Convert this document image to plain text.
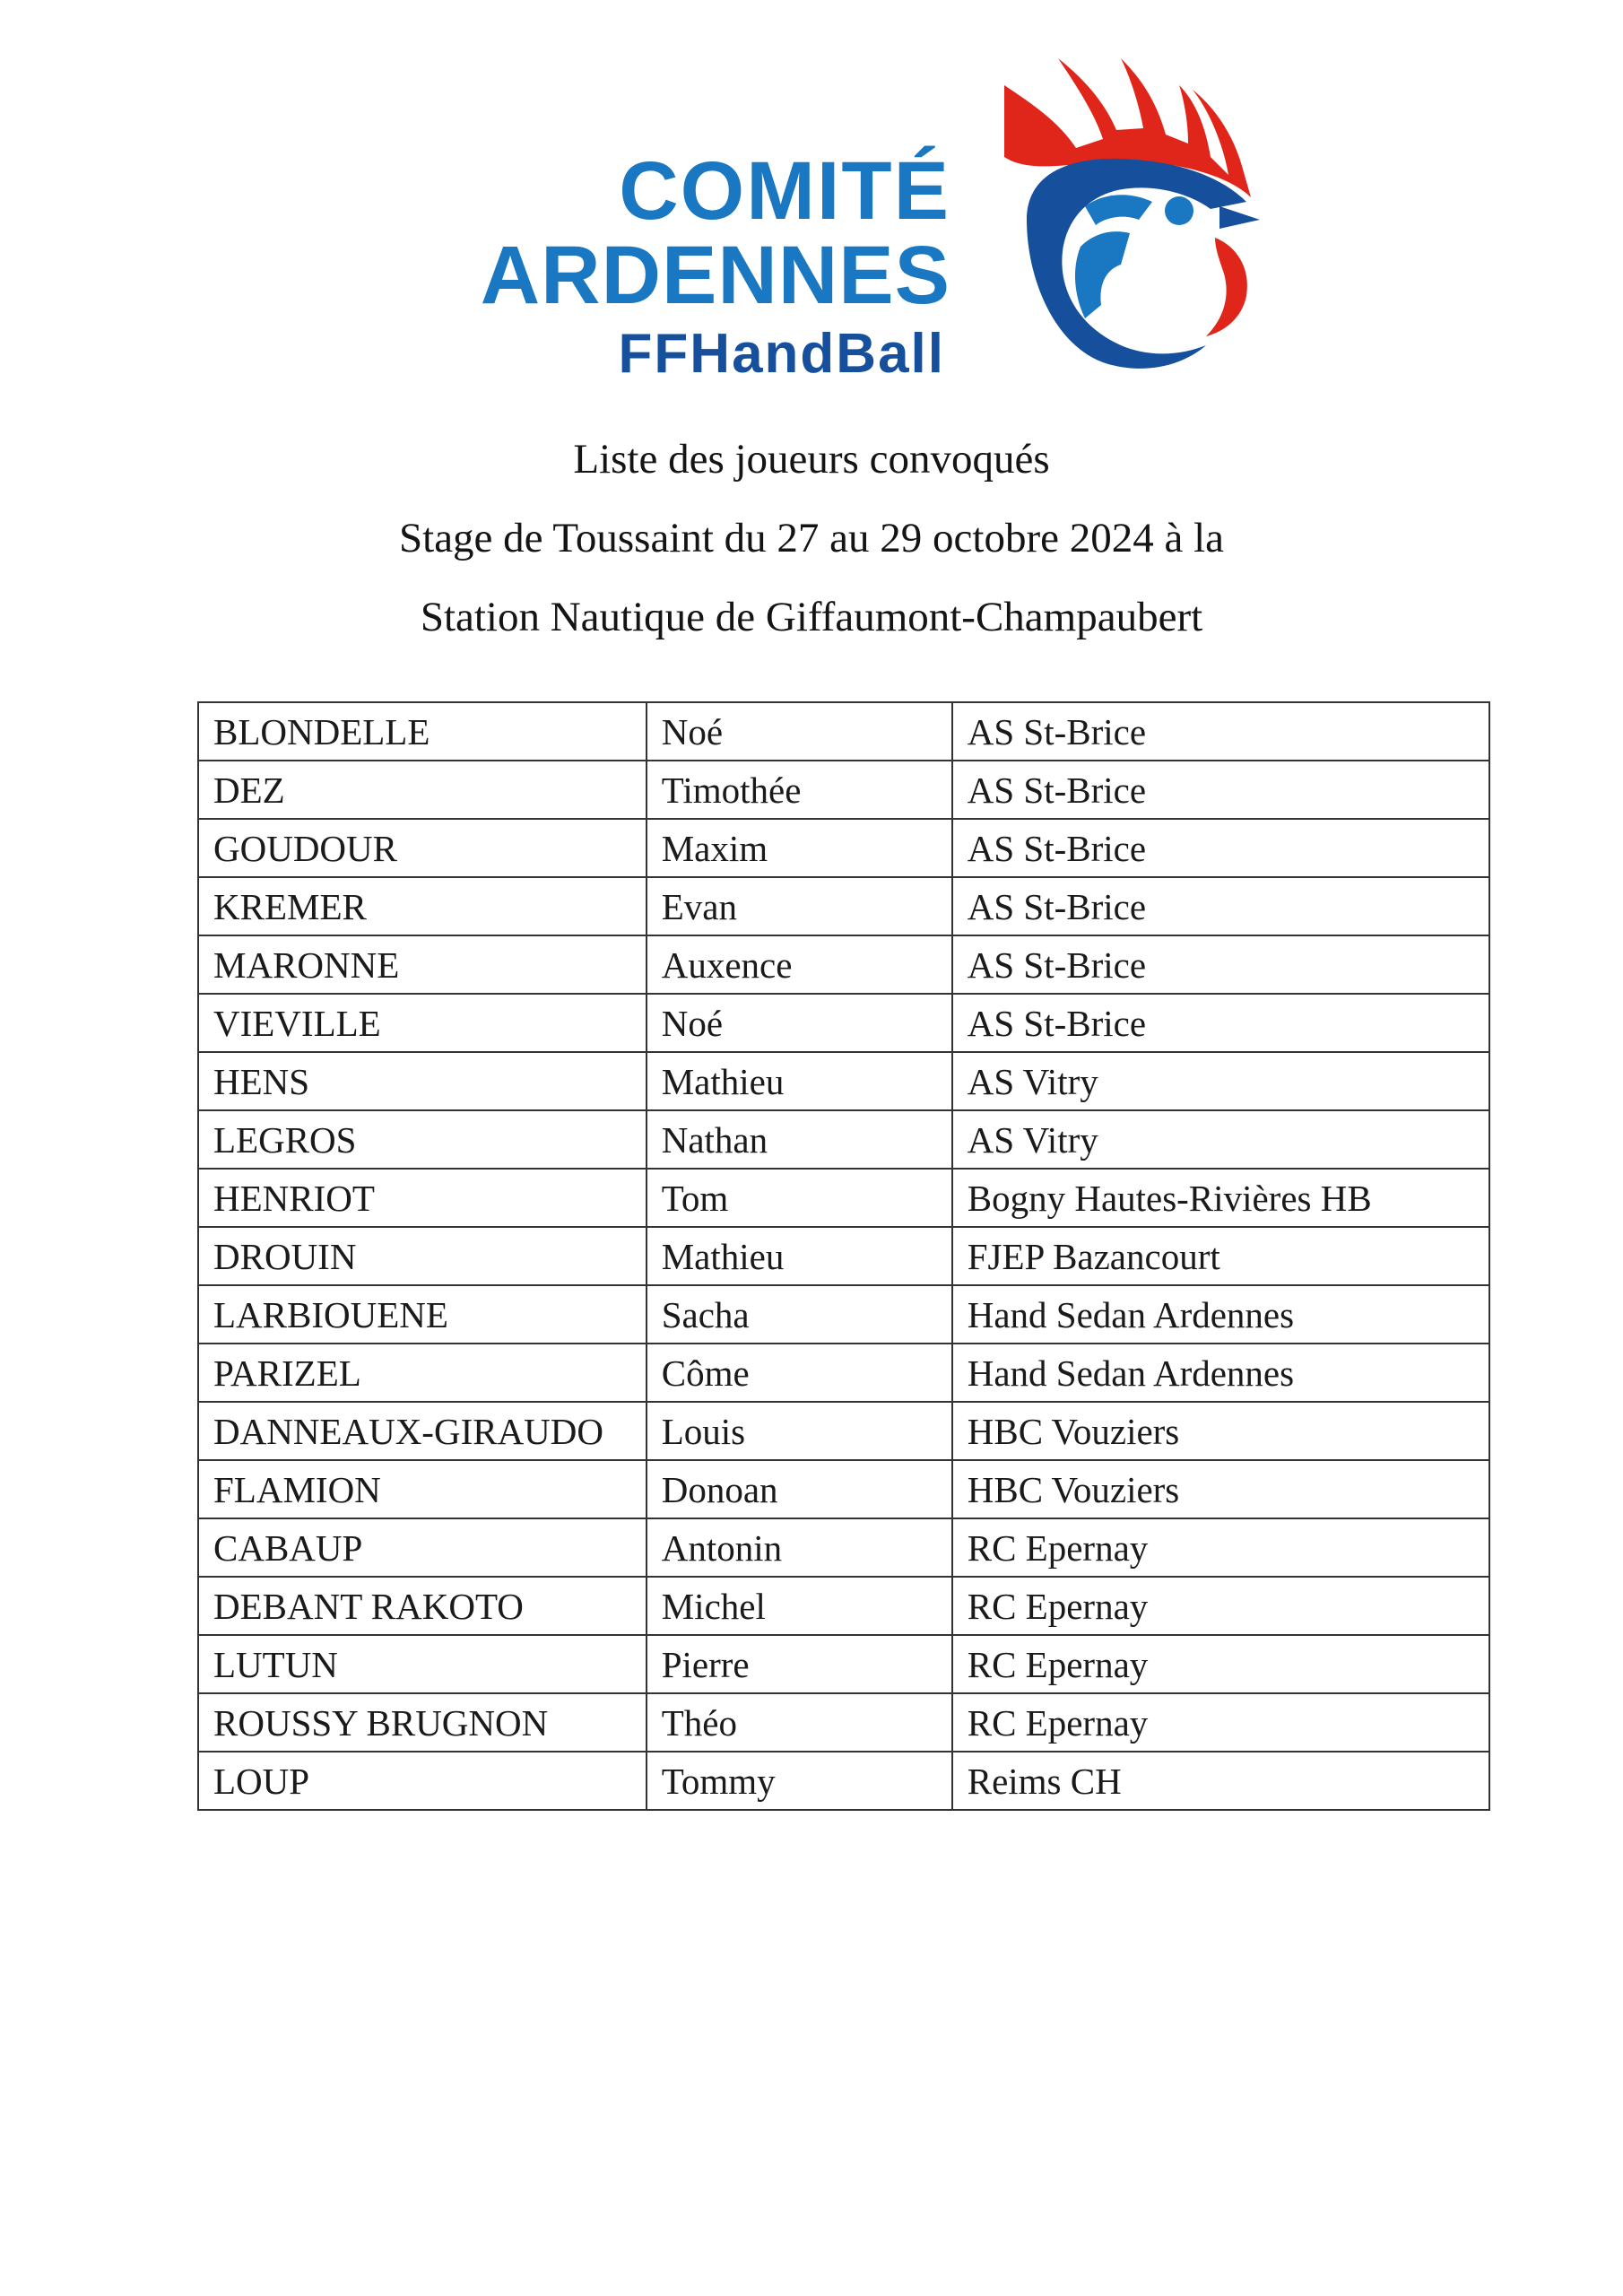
COMITÉ
ARDENNES
FFHandBall
Liste des joueurs convoqués
Stage de Toussaint du 27 au 29 octobre 2024 à la
Station Nautique de Giffaumont-Champaubert
BLONDELLE	Noé	AS St-Brice
DEZ	Timothée	AS St-Brice
GOUDOUR	Maxim	AS St-Brice
KREMER	Evan	AS St-Brice
MARONNE	Auxence	AS St-Brice
VIEVILLE	Noé	AS St-Brice
HENS	Mathieu	AS Vitry
LEGROS	Nathan	AS Vitry
HENRIOT	Tom	Bogny Hautes-Rivières HB
DROUIN	Mathieu	FJEP Bazancourt
LARBIOUENE	Sacha	Hand Sedan Ardennes
PARIZEL	Côme	Hand Sedan Ardennes
DANNEAUX-GIRAUDO	Louis	HBC Vouziers
FLAMION	Donoan	HBC Vouziers
CABAUP	Antonin	RC Epernay
DEBANT RAKOTO	Michel	RC Epernay
LUTUN	Pierre	RC Epernay
ROUSSY BRUGNON	Théo	RC Epernay
LOUP	Tommy	Reims CH
